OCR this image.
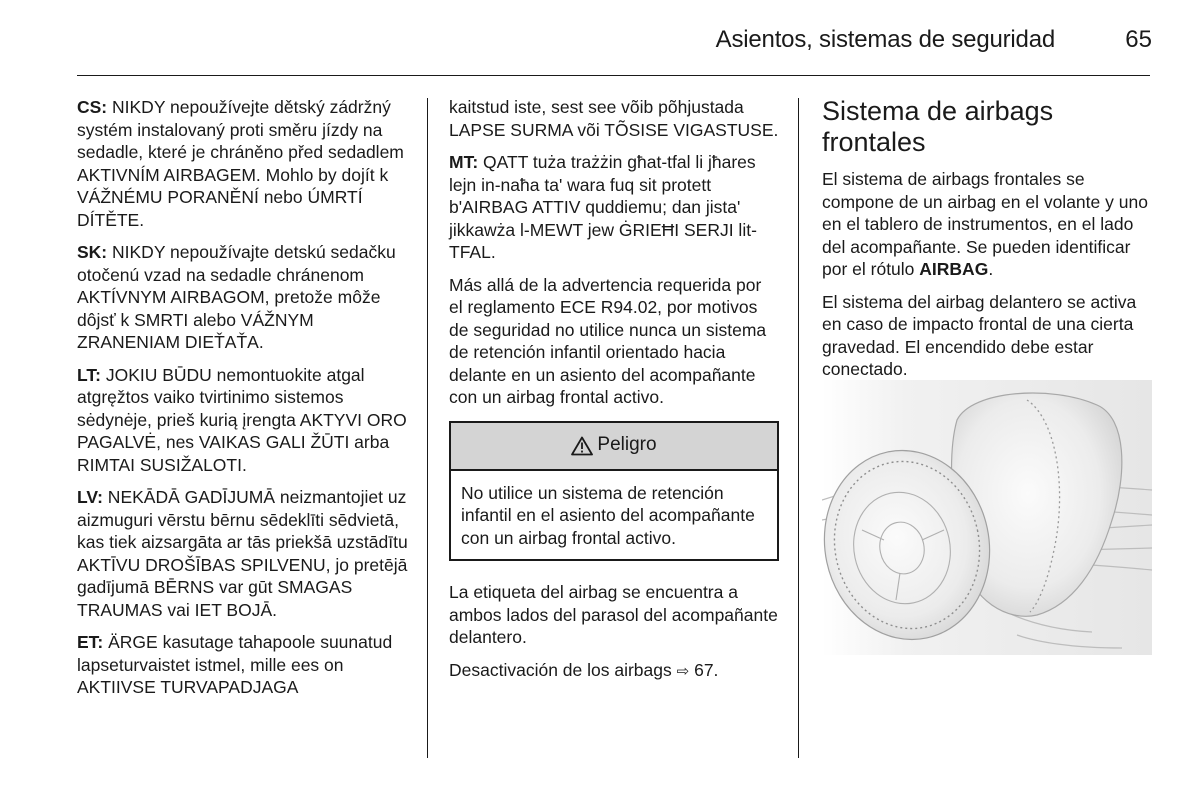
Asientos, sistemas de seguridad	65

CS: NIKDY nepoužívejte dětský zádržný systém instalovaný proti směru jízdy na sedadle, které je chráněno před sedadlem AKTIVNÍM AIRBAGEM. Mohlo by dojít k VÁŽNÉMU PORANĚNÍ nebo ÚMRTÍ DÍTĚTE.

SK: NIKDY nepoužívajte detskú sedačku otočenú vzad na sedadle chránenom AKTÍVNYM AIRBAGOM, pretože môže dôjsť k SMRTI alebo VÁŽNYM ZRANENIAM DIEŤAŤA.

LT: JOKIU BŪDU nemontuokite atgal atgręžtos vaiko tvirtinimo sistemos sėdynėje, prieš kurią įrengta AKTYVI ORO PAGALVĖ, nes VAIKAS GALI ŽŪTI arba RIMTAI SUSIŽALOTI.

LV: NEKĀDĀ GADĪJUMĀ neizmantojiet uz aizmuguri vērstu bērnu sēdeklīti sēdvietā, kas tiek aizsargāta ar tās priekšā uzstādītu AKTĪVU DROŠĪBAS SPILVENU, jo pretējā gadījumā BĒRNS var gūt SMAGAS TRAUMAS vai IET BOJĀ.

ET: ÄRGE kasutage tahapoole suunatud lapseturvaistet istmel, mille ees on AKTIIVSE TURVAPADJAGA

kaitstud iste, sest see võib põhjustada LAPSE SURMA või TÕSISE VIGASTUSE.

MT: QATT tuża trażżin għat-tfal li jħares lejn in-naħa ta' wara fuq sit protett b'AIRBAG ATTIV quddiemu; dan jista' jikkawża l-MEWT jew ĠRIEĦI SERJI lit-TFAL.

Más allá de la advertencia requerida por el reglamento ECE R94.02, por motivos de seguridad no utilice nunca un sistema de retención infantil orientado hacia delante en un asiento del acompañante con un airbag frontal activo.

Peligro
No utilice un sistema de retención infantil en el asiento del acompañante con un airbag frontal activo.

La etiqueta del airbag se encuentra a ambos lados del parasol del acompañante delantero.

Desactivación de los airbags ⇨ 67.

Sistema de airbags frontales

El sistema de airbags frontales se compone de un airbag en el volante y uno en el tablero de instrumentos, en el lado del acompañante. Se pueden identificar por el rótulo AIRBAG.

El sistema del airbag delantero se activa en caso de impacto frontal de una cierta gravedad. El encendido debe estar conectado.
